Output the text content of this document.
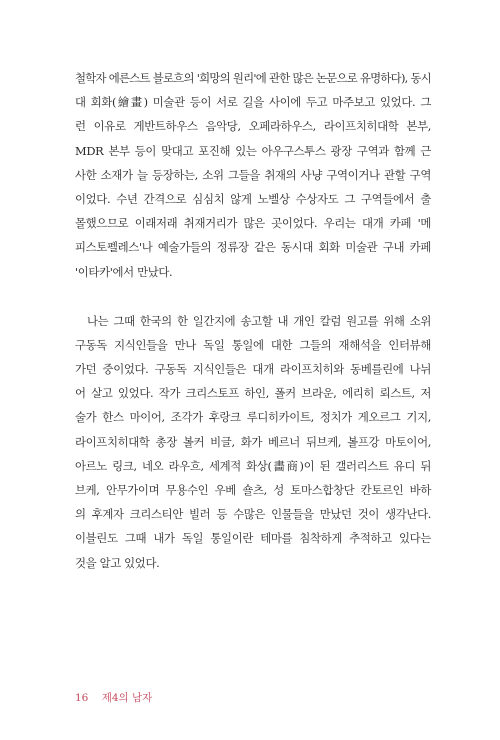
철학자 에른스트 블로흐의 '희망의 원리'에 관한 많은 논문으로 유명하다), 동시
대 회화(繪畫) 미술관 등이 서로 길을 사이에 두고 마주보고 있었다. 그
런 이유로 게반트하우스 음악당, 오페라하우스, 라이프치히대학 본부,
MDR 본부 등이 맞대고 포진해 있는 아우구스투스 광장 구역과 함께 근
사한 소재가 늘 등장하는, 소위 그들을 취재의 사냥 구역이거나 관할 구역
이었다. 수년 간격으로 심심치 않게 노벨상 수상자도 그 구역들에서 출
몰했으므로 이래저래 취재거리가 많은 곳이었다. 우리는 대개 카페 '메
피스토펠레스'나 예술가들의 정류장 같은 동시대 회화 미술관 구내 카페
'이타카'에서 만났다.
나는 그때 한국의 한 일간지에 송고할 내 개인 칼럼 원고를 위해 소위
구동독 지식인들을 만나 독일 통일에 대한 그들의 재해석을 인터뷰해
가던 중이었다. 구동독 지식인들은 대개 라이프치히와 동베를린에 나뉘
어 살고 있었다. 작가 크리스토프 하인, 폴커 브라운, 에리히 뢰스트, 저
술가 한스 마이어, 조각가 후랑크 루디히카이트, 정치가 게오르그 기지,
라이프치히대학 총장 볼커 비글, 화가 베르너 뒤브케, 볼프강 마토이어,
아르노 링크, 네오 라우흐, 세계적 화상(畵商)이 된 갤러리스트 유디 뒤
브케, 안무가이며 무용수인 우베 숄츠, 성 토마스합창단 칸토르인 바하
의 후계자 크리스티안 빌러 등 수많은 인물들을 만났던 것이 생각난다.
이블린도 그때 내가 독일 통일이란 테마를 침착하게 추적하고 있다는
것을 알고 있었다.
16 제4의 남자
